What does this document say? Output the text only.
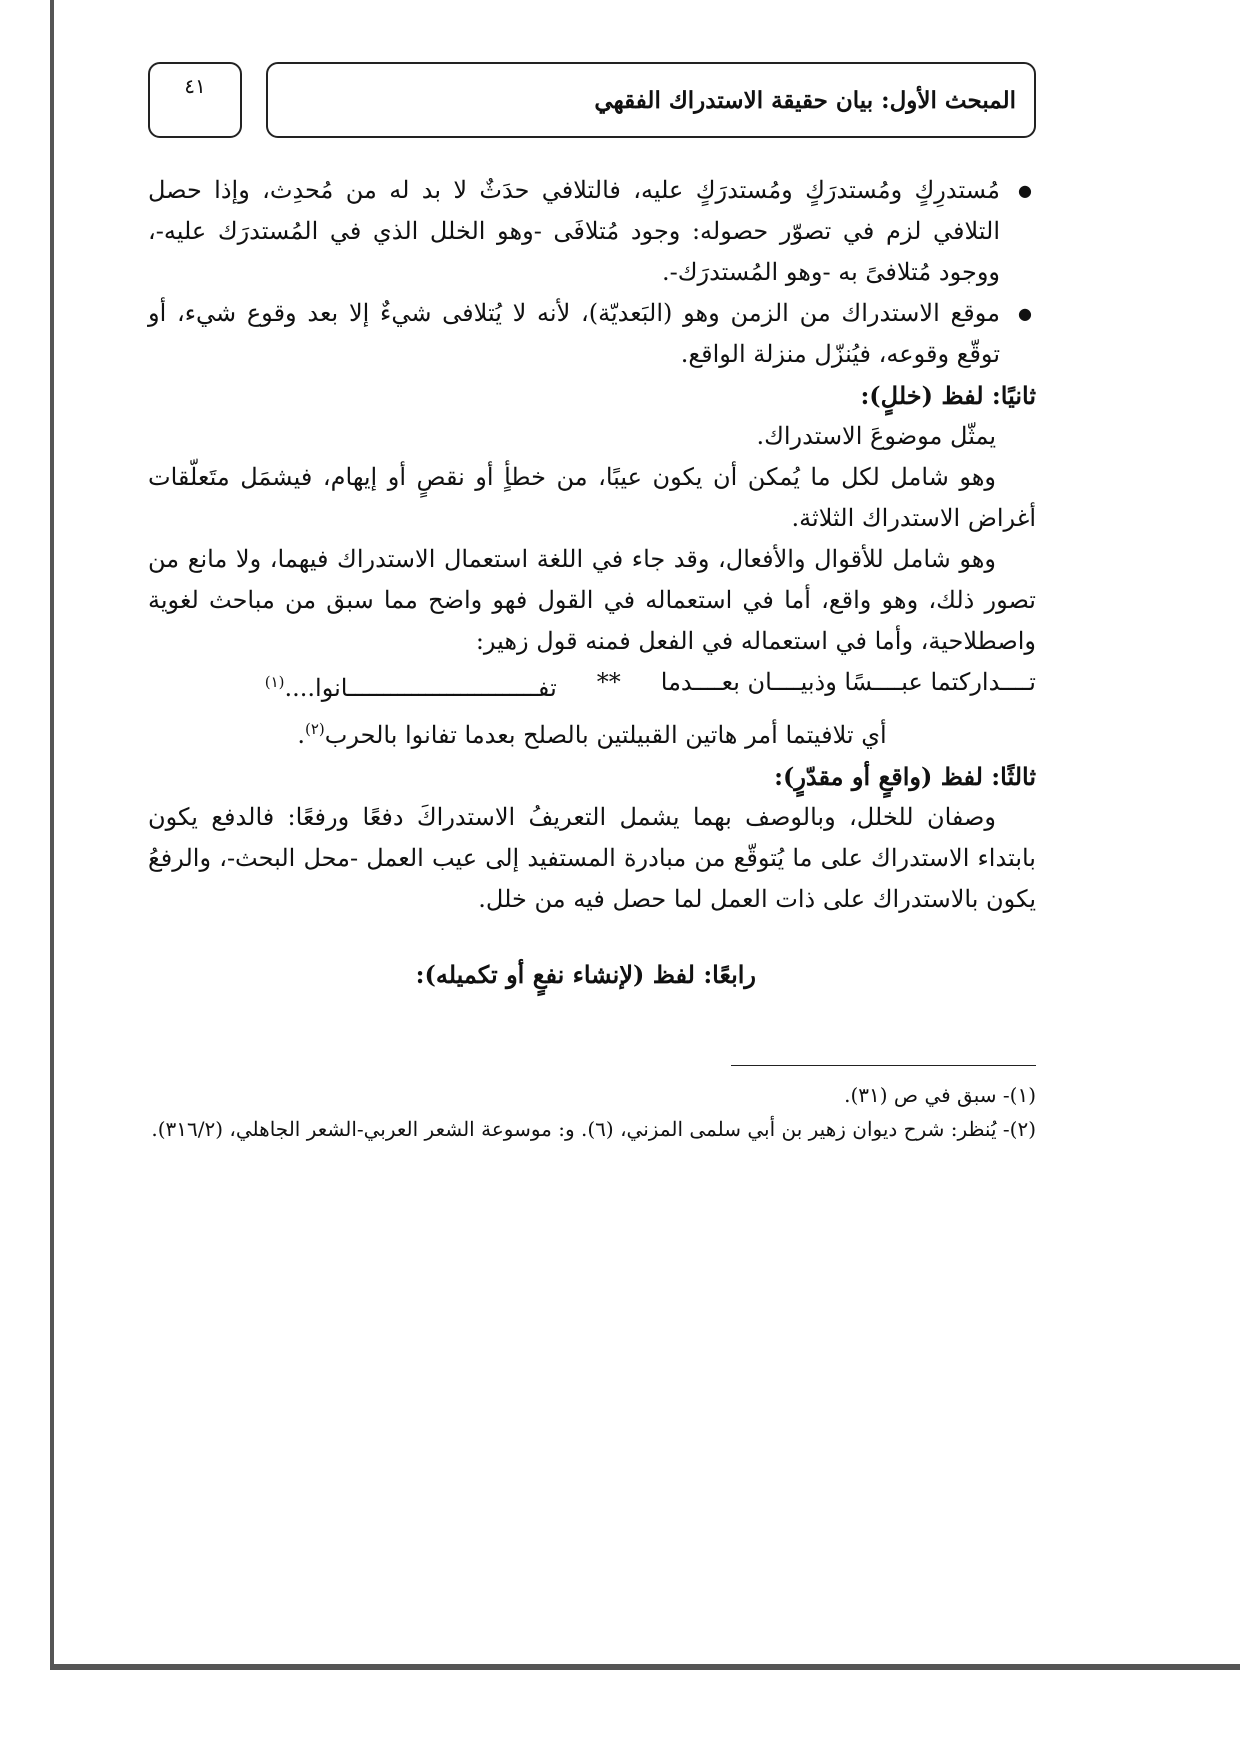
المبحث الأول: بيان حقيقة الاستدراك الفقهي
٤١
● مُستدرِكٍ ومُستدرَكٍ ومُستدرَكٍ عليه، فالتلافي حدَثٌ لا بد له من مُحدِث، وإذا حصل التلافي لزم في تصوّر حصوله: وجود مُتلافَى -وهو الخلل الذي في المُستدرَك عليه-، ووجود مُتلافىً به -وهو المُستدرَك-.
● موقع الاستدراك من الزمن وهو (البَعديّة)، لأنه لا يُتلافى شيءٌ إلا بعد وقوع شيء، أو توقّع وقوعه، فيُنزّل منزلة الواقع.

ثانيًا: لفظ (خللٍ):

يمثّل موضوعَ الاستدراك.

وهو شامل لكل ما يُمكن أن يكون عيبًا، من خطأٍ أو نقصٍ أو إيهام، فيشمَل متَعلّقات أغراض الاستدراك الثلاثة.

وهو شامل للأقوال والأفعال، وقد جاء في اللغة استعمال الاستدراك فيهما، ولا مانع من تصور ذلك، وهو واقع، أما في استعماله في القول فهو واضح مما سبق من مباحث لغوية واصطلاحية، وأما في استعماله في الفعل فمنه قول زهير:

تــــداركتما عبــــسًا وذبيــــان بعــــدما
**
تفـــــــــــــــــــــــــــانوا....$^{(١)}$

أي تلافيتما أمر هاتين القبيلتين بالصلح بعدما تفانوا بالحرب$^{(٢)}$.

ثالثًا: لفظ (واقعٍ أو مقدّرٍ):

وصفان للخلل، وبالوصف بهما يشمل التعريفُ الاستدراكَ دفعًا ورفعًا: فالدفع يكون بابتداء الاستدراك على ما يُتوقّع من مبادرة المستفيد إلى عيب العمل -محل البحث-، والرفعُ يكون بالاستدراك على ذات العمل لما حصل فيه من خلل.

رابعًا: لفظ (لإنشاء نفعٍ أو تكميله):

(١)- سبق في ص (٣١).

(٢)- يُنظر: شرح ديوان زهير بن أبي سلمى المزني، (٦). و: موسوعة الشعر العربي-الشعر الجاهلي، (٣١٦/٢).
